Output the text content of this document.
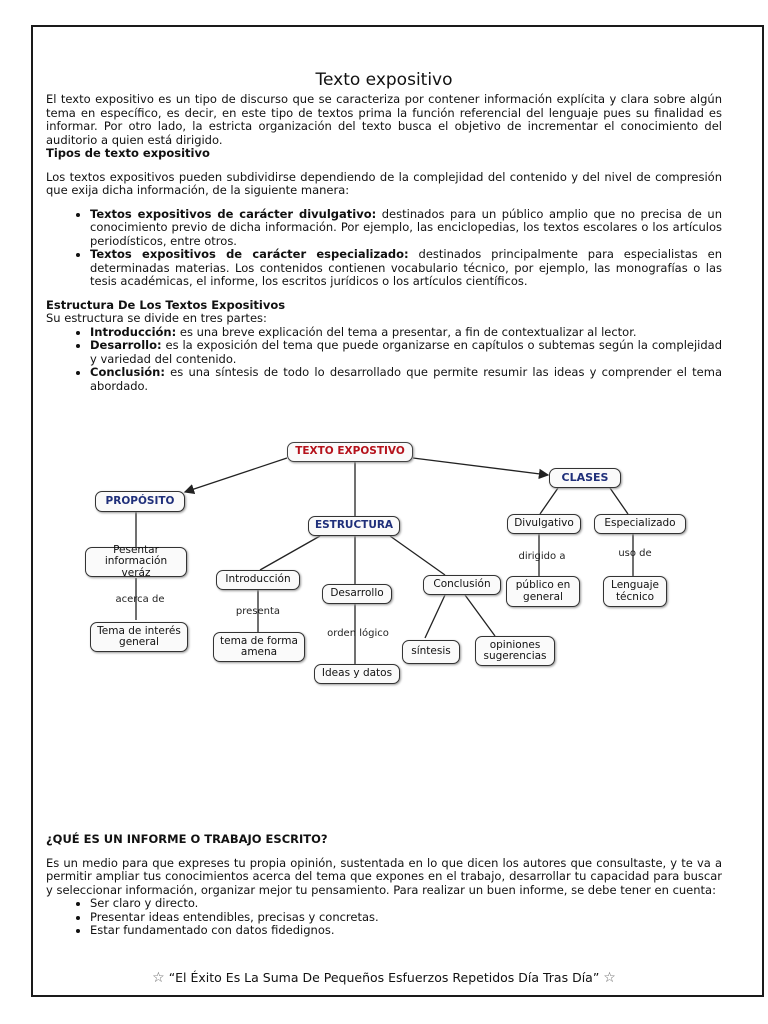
Texto expositivo

El texto expositivo es un tipo de discurso que se caracteriza por contener información explícita y clara sobre algún tema en específico, es decir, en este tipo de textos prima la función referencial del lenguaje pues su finalidad es informar. Por otro lado, la estricta organización del texto busca el objetivo de incrementar el conocimiento del auditorio a quien está dirigido.

Tipos de texto expositivo

Los textos expositivos pueden subdividirse dependiendo de la complejidad del contenido y del nivel de compresión que exija dicha información, de la siguiente manera:

• Textos expositivos de carácter divulgativo: destinados para un público amplio que no precisa de un conocimiento previo de dicha información. Por ejemplo, las enciclopedias, los textos escolares o los artículos periodísticos, entre otros.
• Textos expositivos de carácter especializado: destinados principalmente para especialistas en determinadas materias. Los contenidos contienen vocabulario técnico, por ejemplo, las monografías o las tesis académicas, el informe, los escritos jurídicos o los artículos científicos.
Estructura De Los Textos Expositivos

Su estructura se divide en tres partes:

• Introducción: es una breve explicación del tema a presentar, a fin de contextualizar al lector.
• Desarrollo: es la exposición del tema que puede organizarse en capítulos o subtemas según la complejidad y variedad del contenido.
• Conclusión: es una síntesis de todo lo desarrollado que permite resumir las ideas y comprender el tema abordado.
TEXTO EXPOSTIVO
PROPÓSITO
ESTRUCTURA
CLASES
Pesentar información veráz
acerca de
Tema de interés general
Introducción
presenta
tema de forma amena
Desarrollo
orden lógico
Ideas y datos
Conclusión
síntesis
opiniones sugerencias
Divulgativo
dirigido a
público en general
Especializado
uso de
Lenguaje técnico
¿QUÉ ES UN INFORME O TRABAJO ESCRITO?

Es un medio para que expreses tu propia opinión, sustentada en lo que dicen los autores que consultaste, y te va a permitir ampliar tus conocimientos acerca del tema que expones en el trabajo, desarrollar tu capacidad para buscar y seleccionar información, organizar mejor tu pensamiento. Para realizar un buen informe, se debe tener en cuenta:

• Ser claro y directo.
• Presentar ideas entendibles, precisas y concretas.
• Estar fundamentado con datos fidedignos.
☆ “El Éxito Es La Suma De Pequeños Esfuerzos Repetidos Día Tras Día” ☆
